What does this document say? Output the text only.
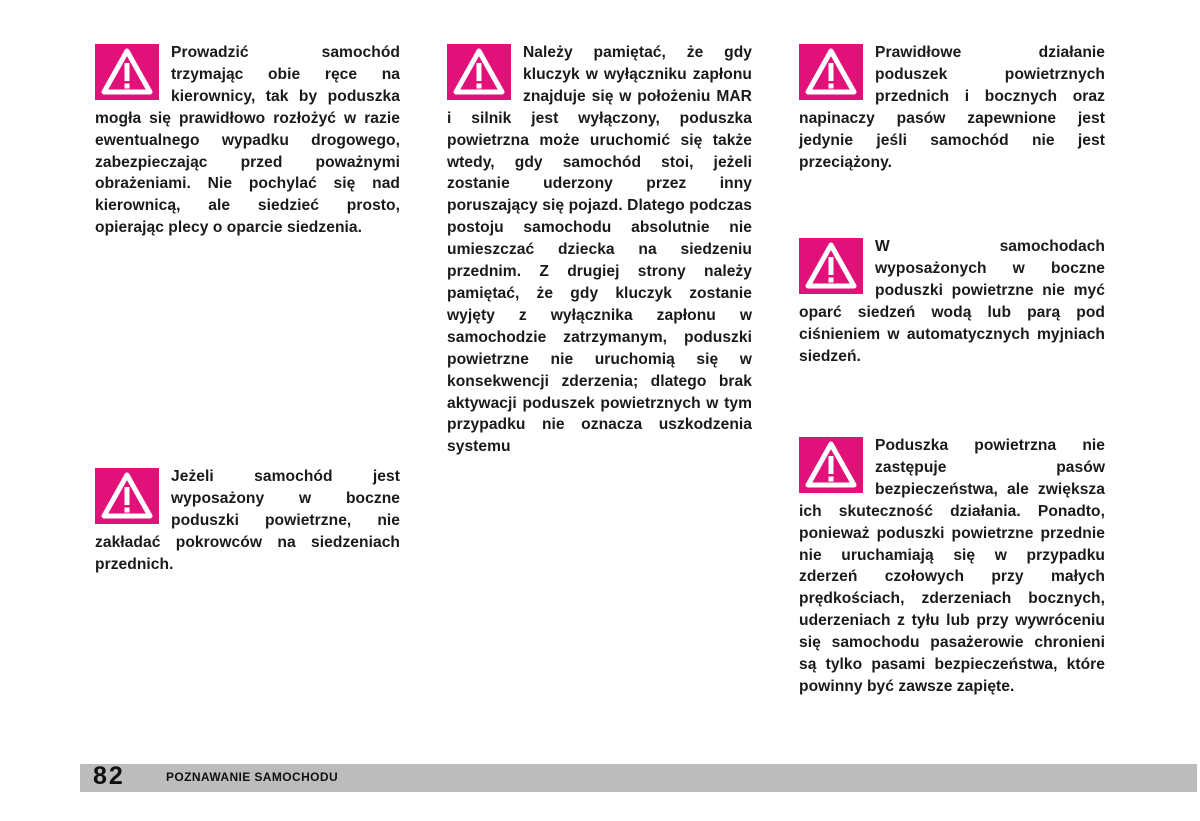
Prowadzić samochód trzymając obie ręce na kierownicy, tak by poduszka mogła się prawidłowo rozłożyć w razie ewentualnego wypadku drogowego, zabezpieczając przed poważnymi obrażeniami. Nie pochylać się nad kierownicą, ale siedzieć prosto, opierając plecy o oparcie siedzenia.

Jeżeli samochód jest wyposażony w boczne poduszki powietrzne, nie zakładać pokrowców na siedzeniach przednich.

Należy pamiętać, że gdy kluczyk w wyłączniku zapłonu znajduje się w położeniu MAR i silnik jest wyłączony, poduszka powietrzna może uruchomić się także wtedy, gdy samochód stoi, jeżeli zostanie uderzony przez inny poruszający się pojazd. Dlatego podczas postoju samochodu absolutnie nie umieszczać dziecka na siedzeniu przednim. Z drugiej strony należy pamiętać, że gdy kluczyk zostanie wyjęty z wyłącznika zapłonu w samochodzie zatrzymanym, poduszki powietrzne nie uruchomią się w konsekwencji zderzenia; dlatego brak aktywacji poduszek powietrznych w tym przypadku nie oznacza uszkodzenia systemu

Prawidłowe działanie poduszek powietrznych przednich i bocznych oraz napinaczy pasów zapewnione jest jedynie jeśli samochód nie jest przeciążony.

W samochodach wyposażonych w boczne poduszki powietrzne nie myć oparć siedzeń wodą lub parą pod ciśnieniem w automatycznych myjniach siedzeń.

Poduszka powietrzna nie zastępuje pasów bezpieczeństwa, ale zwiększa ich skuteczność działania. Ponadto, ponieważ poduszki powietrzne przednie nie uruchamiają się w przypadku zderzeń czołowych przy małych prędkościach, zderzeniach bocznych, uderzeniach z tyłu lub przy wywróceniu się samochodu pasażerowie chronieni są tylko pasami bezpieczeństwa, które powinny być zawsze zapięte.

82	POZNAWANIE SAMOCHODU
